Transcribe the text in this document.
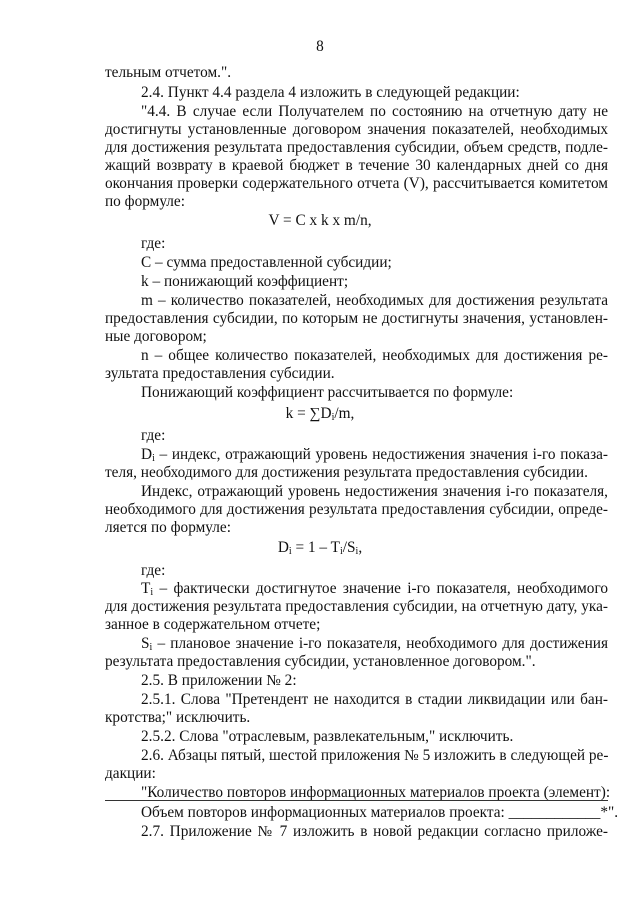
8
тельным отчетом.".
2.4. Пункт 4.4 раздела 4 изложить в следующей редакции:
"4.4. В случае если Получателем по состоянию на отчетную дату не
достигнуты установленные договором значения показателей, необходимых
для достижения результата предоставления субсидии, объем средств, подле-
жащий возврату в краевой бюджет в течение 30 календарных дней со дня
окончания проверки содержательного отчета (V), рассчитывается комитетом
по формуле:
V = C x k x m/n,
где:
C – сумма предоставленной субсидии;
k – понижающий коэффициент;
m – количество показателей, необходимых для достижения результата
предоставления субсидии, по которым не достигнуты значения, установлен-
ные договором;
n – общее количество показателей, необходимых для достижения ре-
зультата предоставления субсидии.
Понижающий коэффициент рассчитывается по формуле:
$k = \sum D_i/m$,
где:
$D_i$ – индекс, отражающий уровень недостижения значения i-го показа-
теля, необходимого для достижения результата предоставления субсидии.
Индекс, отражающий уровень недостижения значения i-го показателя,
необходимого для достижения результата предоставления субсидии, опреде-
ляется по формуле:
$D_i = 1 - T_i/S_i$,
где:
$T_i$ – фактически достигнутое значение i-го показателя, необходимого
для достижения результата предоставления субсидии, на отчетную дату, ука-
занное в содержательном отчете;
$S_i$ – плановое значение i-го показателя, необходимого для достижения
результата предоставления субсидии, установленное договором.".
2.5. В приложении № 2:
2.5.1. Слова "Претендент не находится в стадии ликвидации или бан-
кротства;" исключить.
2.5.2. Слова "отраслевым, развлекательным," исключить.
2.6. Абзацы пятый, шестой приложения № 5 изложить в следующей ре-
дакции:
"Количество повторов информационных материалов проекта (элемент):
Объем повторов информационных материалов проекта: ____________*".
2.7. Приложение № 7 изложить в новой редакции согласно приложе-
